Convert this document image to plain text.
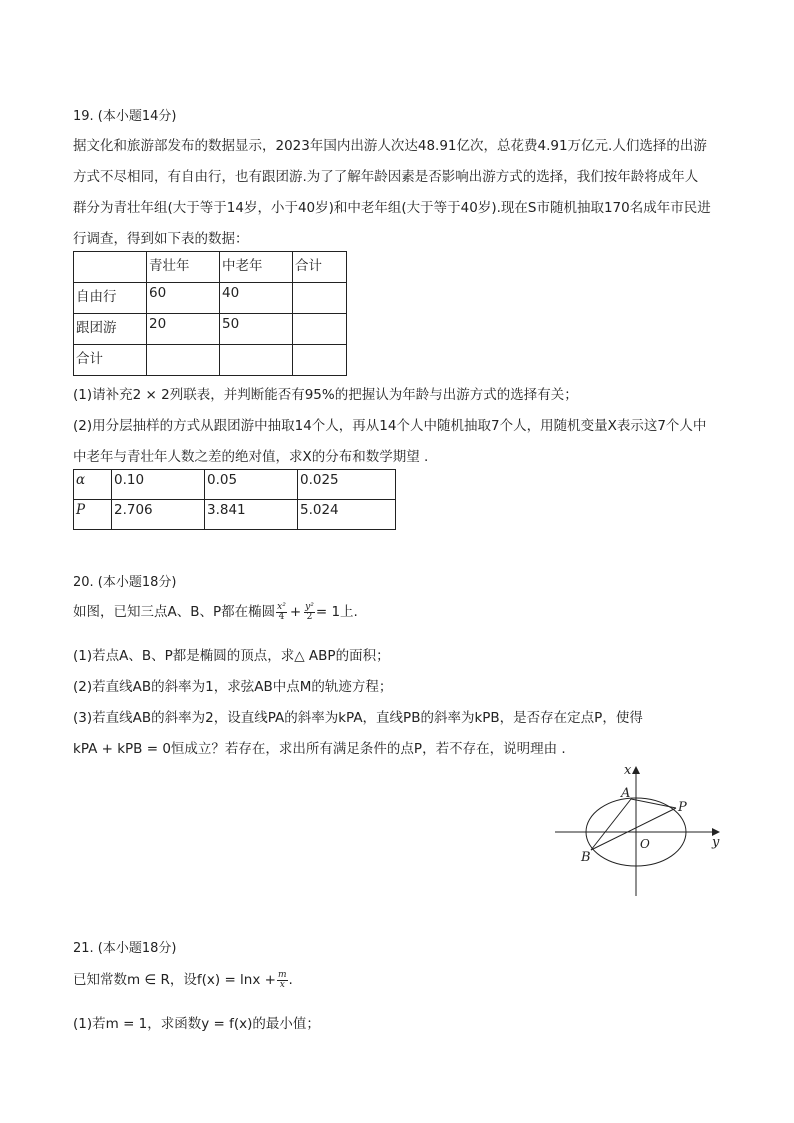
19. (本小题14分)
据文化和旅游部发布的数据显示，2023年国内出游人次达48.91亿次，总花费4.91万亿元.人们选择的出游
方式不尽相同，有自由行，也有跟团游.为了了解年龄因素是否影响出游方式的选择，我们按年龄将成年人
群分为青壮年组(大于等于14岁，小于40岁)和中老年组(大于等于40岁).现在S市随机抽取170名成年市民进
行调查，得到如下表的数据：
	青壮年	中老年	合计
自由行	60	40	
跟团游	20	50	
合计			
(1)请补充2 × 2列联表，并判断能否有95%的把握认为年龄与出游方式的选择有关；
(2)用分层抽样的方式从跟团游中抽取14个人，再从14个人中随机抽取7个人，用随机变量X表示这7个人中
中老年与青壮年人数之差的绝对值，求X的分布和数学期望 .
α	0.10	0.05	0.025
P	2.706	3.841	5.024
20. (本小题18分)
如图，已知三点A、B、P都在椭圆 $\frac{\text{x²}}{4} + \frac{\text{y²}}{2} = 1$上.
(1)若点A、B、P都是椭圆的顶点，求△ ABP的面积；
(2)若直线AB的斜率为1，求弦AB中点M的轨迹方程；
(3)若直线AB的斜率为2，设直线PA的斜率为kPA，直线PB的斜率为kPB，是否存在定点P，使得
kPA + kPB = 0恒成立？若存在，求出所有满足条件的点P，若不存在，说明理由 .
x
y
O
A
B
P
21. (本小题18分)
已知常数m ∈ R，设$f(x) = \ln x + \frac{m}{x}$ .
(1)若m = 1，求函数y = f(x)的最小值；
